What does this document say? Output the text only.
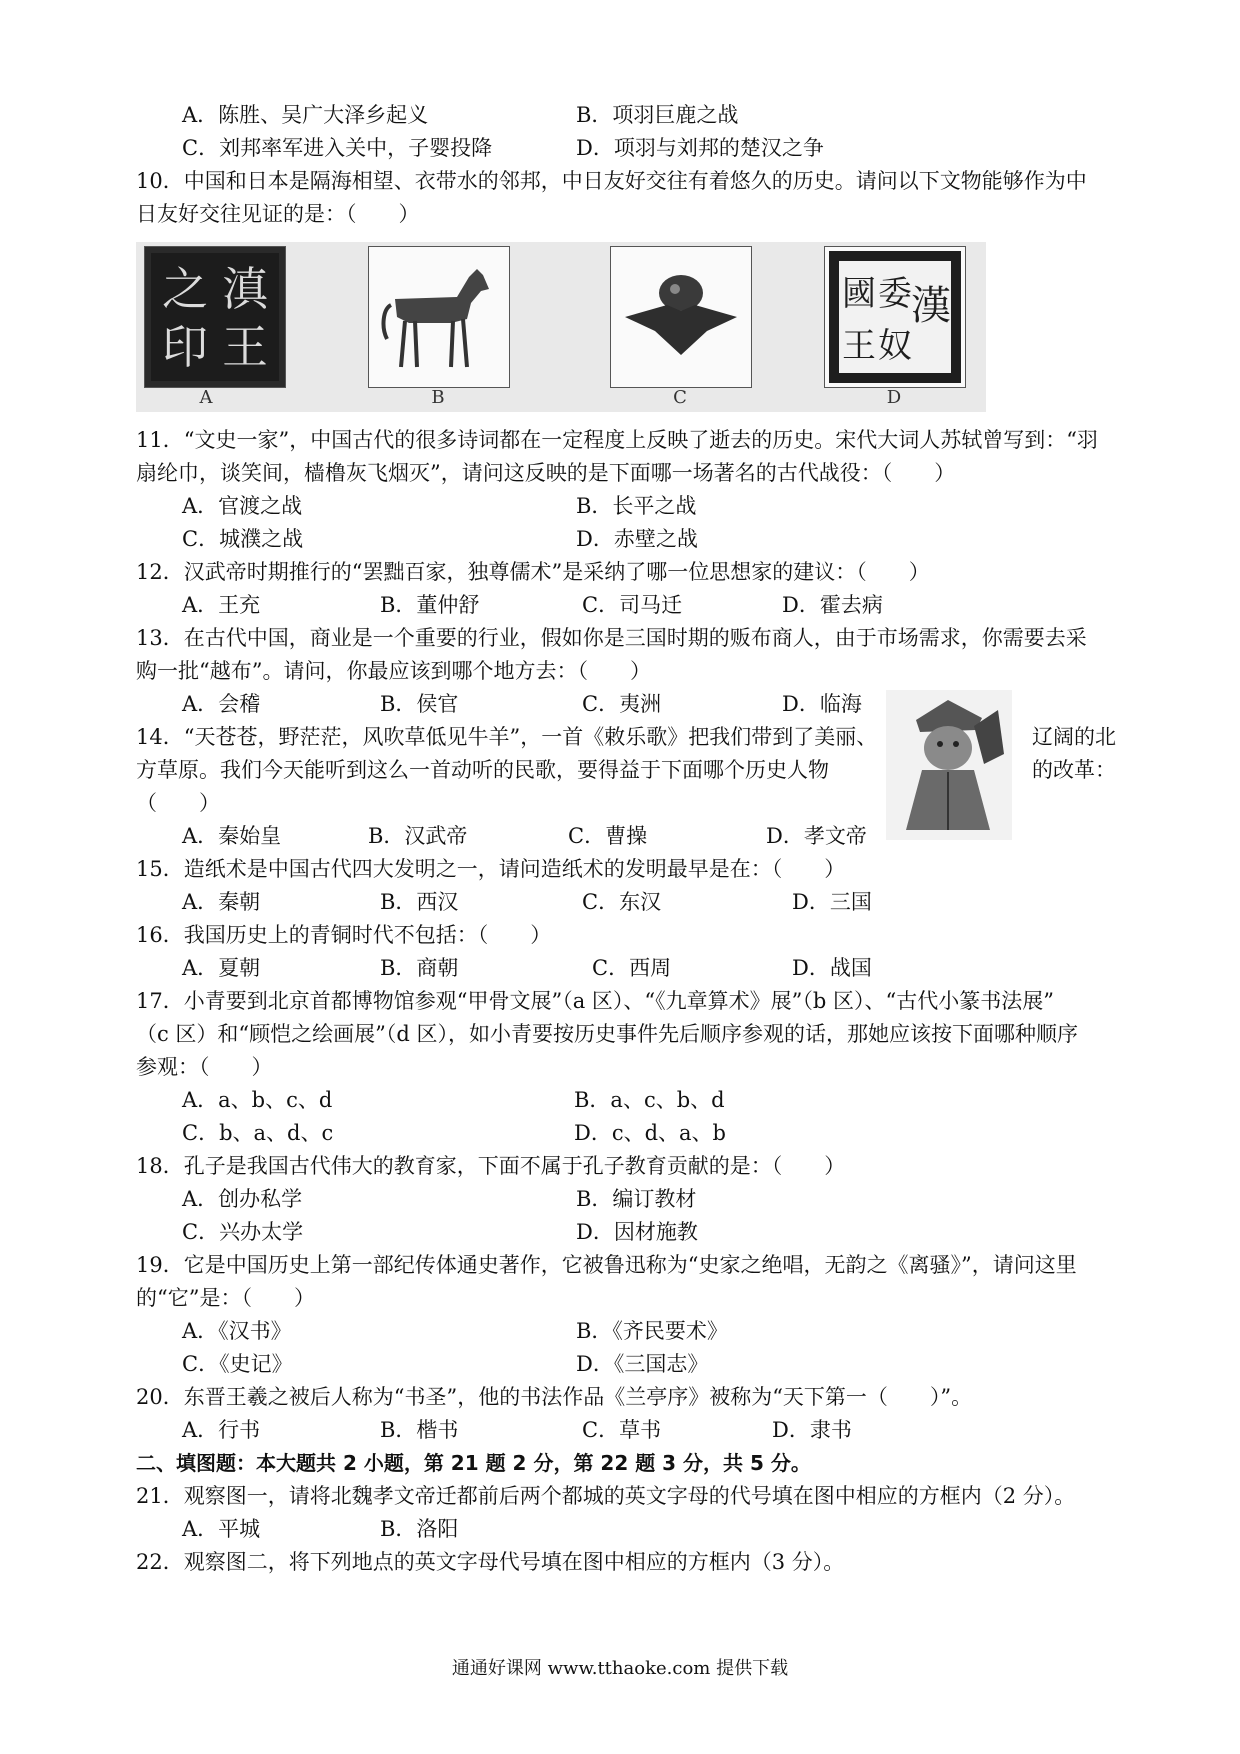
A．陈胜、吴广大泽乡起义	B．项羽巨鹿之战
C．刘邦率军进入关中，子婴投降	D．项羽与刘邦的楚汉之争
10．中国和日本是隔海相望、衣带水的邻邦，中日友好交往有着悠久的历史。请问以下文物能够作为中
日友好交往见证的是：（　　）
滇
王
之
印
A	B	C
漢
委
奴
國
王
D
11．“文史一家”，中国古代的很多诗词都在一定程度上反映了逝去的历史。宋代大词人苏轼曾写到：“羽
扇纶巾，谈笑间，樯橹灰飞烟灭”，请问这反映的是下面哪一场著名的古代战役：（　　）
A．官渡之战	B．长平之战
C．城濮之战	D．赤壁之战
12．汉武帝时期推行的“罢黜百家，独尊儒术”是采纳了哪一位思想家的建议：（　　）
A．王充	B．董仲舒	C．司马迁	D．霍去病
13．在古代中国，商业是一个重要的行业，假如你是三国时期的贩布商人，由于市场需求，你需要去采
购一批“越布”。请问，你最应该到哪个地方去：（　　）
A．会稽	B．侯官	C．夷洲	D．临海
14．“天苍苍，野茫茫，风吹草低见牛羊”，一首《敕乐歌》把我们带到了美丽、	辽阔的北
方草原。我们今天能听到这么一首动听的民歌，要得益于下面哪个历史人物	的改革：
（　　）
A．秦始皇	B．汉武帝	C．曹操	D．孝文帝
15．造纸术是中国古代四大发明之一，请问造纸术的发明最早是在：（　　）
A．秦朝	B．西汉	C．东汉	D．三国
16．我国历史上的青铜时代不包括：（　　）
A．夏朝	B．商朝	C．西周	D．战国
17．小青要到北京首都博物馆参观“甲骨文展”（a 区）、“《九章算术》展”（b 区）、“古代小篆书法展”
（c 区）和“顾恺之绘画展”（d 区），如小青要按历史事件先后顺序参观的话，那她应该按下面哪种顺序
参观：（　　）
A．a、b、c、d	B．a、c、b、d
C．b、a、d、c	D．c、d、a、b
18．孔子是我国古代伟大的教育家，下面不属于孔子教育贡献的是：（　　）
A．创办私学	B．编订教材
C．兴办太学	D．因材施教
19．它是中国历史上第一部纪传体通史著作，它被鲁迅称为“史家之绝唱，无韵之《离骚》”，请问这里
的“它”是：（　　）
A．《汉书》	B．《齐民要术》
C．《史记》	D．《三国志》
20．东晋王羲之被后人称为“书圣”，他的书法作品《兰亭序》被称为“天下第一（　　）”。
A．行书	B．楷书	C．草书	D．隶书
二、填图题：本大题共 2 小题，第 21 题 2 分，第 22 题 3 分，共 5 分。
21．观察图一，请将北魏孝文帝迁都前后两个都城的英文字母的代号填在图中相应的方框内（2 分）。
A．平城	B．洛阳
22．观察图二，将下列地点的英文字母代号填在图中相应的方框内（3 分）。
通通好课网 www.tthaoke.com 提供下载
